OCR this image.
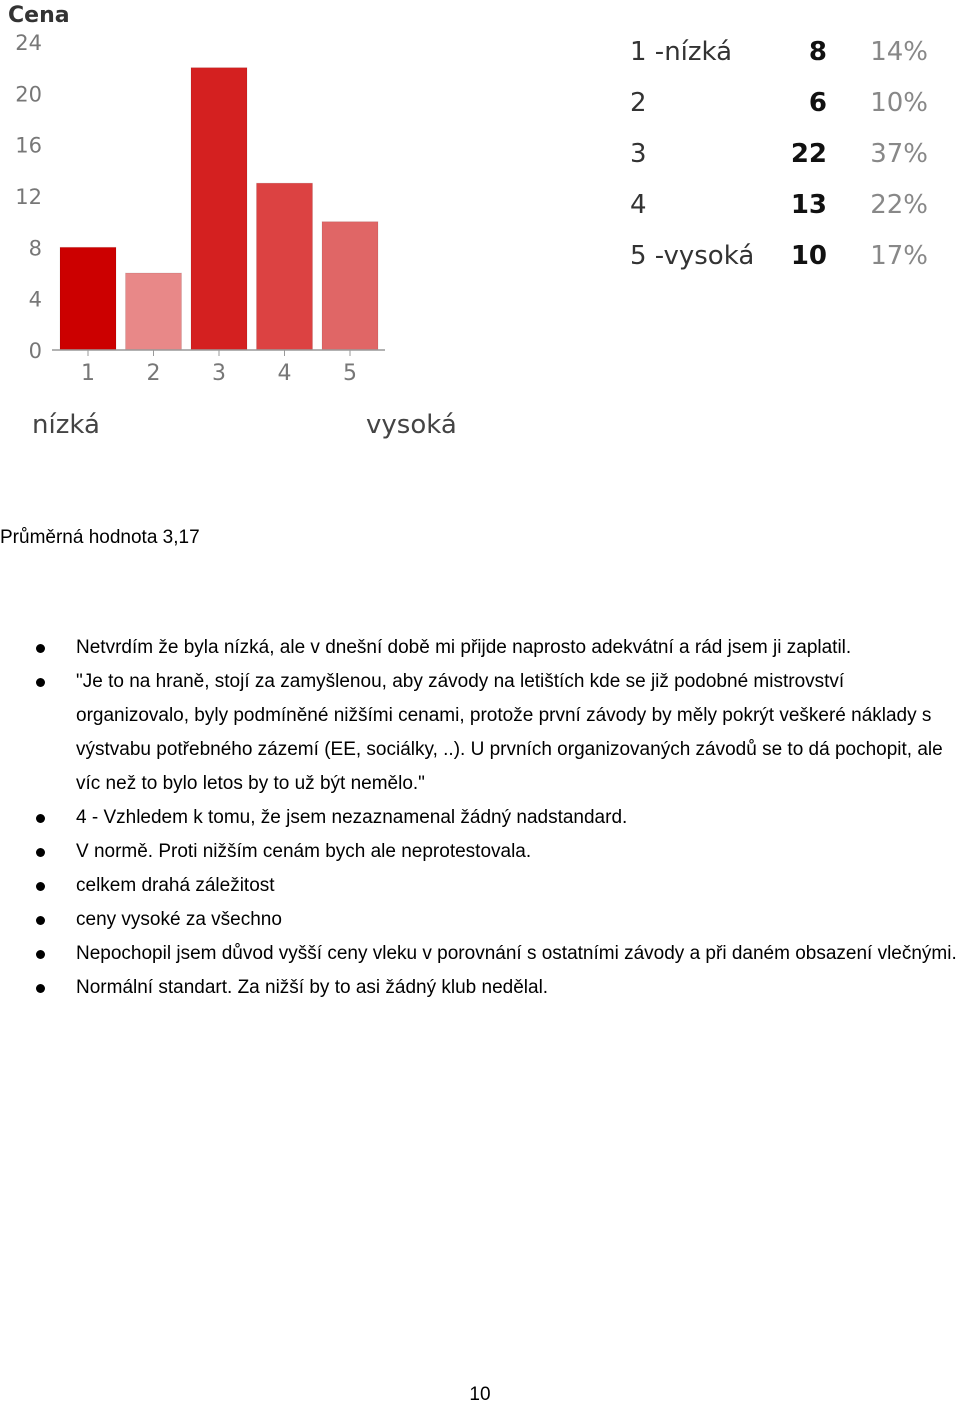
Cena
24
20
16
12
8
4
0
1 2 3 4 5
nízká	vysoká
1 -nízká	8 14%
2	6 10%
3	22 37%
4	13 22%
5 -vysoká 10 17%

Průměrná hodnota 3,17

Netvrdím že byla nízká, ale v dnešní době mi přijde naprosto adekvátní a rád jsem ji zaplatil.
"Je to na hraně, stojí za zamyšlenou, aby závody na letištích kde se již podobné mistrovství organizovalo, byly podmíněné nižšími cenami, protože první závody by měly pokrýt veškeré náklady s výstvabu potřebného zázemí (EE, sociálky, ..). U prvních organizovaných závodů se to dá pochopit, ale víc než to bylo letos by to už být nemělo."
4 - Vzhledem k tomu, že jsem nezaznamenal žádný nadstandard.
V normě. Proti nižším cenám bych ale neprotestovala.
celkem drahá záležitost
ceny vysoké za všechno
Nepochopil jsem důvod vyšší ceny vleku v porovnání s ostatními závody a při daném obsazení vlečnými.
Normální standart. Za nižší by to asi žádný klub nedělal.
10
